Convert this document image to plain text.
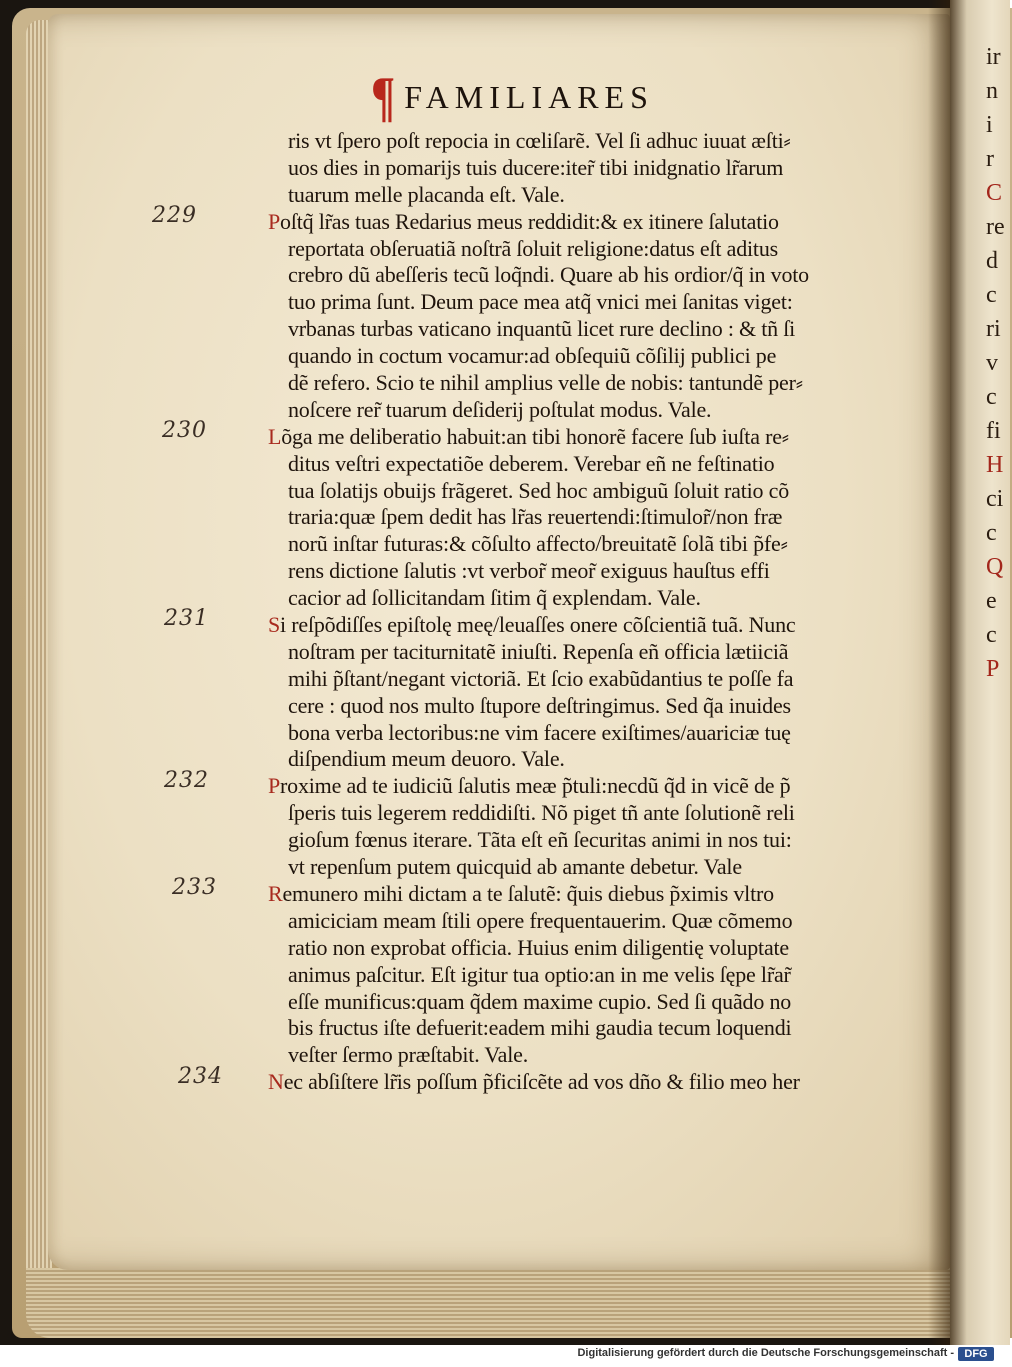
ir
n
i
r
C
re
d
c
ri
v
c
fi
H
ci
c
Q
e
c
P
¶ FAMILIARES
ris vt ſpero poſt repocia in cœliſarẽ. Vel ſi adhuc iuuat æſti⸗
uos dies in pomarijs tuis ducere:iter̃ tibi inidgnatio lr̃arum
tuarum melle placanda eſt. Vale.
Poſtq̃ lr̃as tuas Redarius meus reddidit:& ex itinere ſalutatio
reportata obſeruatiã noſtrã ſoluit religione:datus eſt aditus
crebro dũ abeſſeris tecũ loq̃ndi. Quare ab his ordior/q̃ in voto
tuo prima ſunt. Deum pace mea atq̃ vnici mei ſanitas viget:
vrbanas turbas vaticano inquantũ licet rure declino : & tñ ſi
quando in coctum vocamur:ad obſequiũ cõſilij publici pe
dẽ refero. Scio te nihil amplius velle de nobis: tantundẽ per⸗
noſcere rer̃ tuarum deſiderij poſtulat modus. Vale.
Lõga me deliberatio habuit:an tibi honorẽ facere ſub iuſta re⸗
ditus veſtri expectatiõe deberem. Verebar eñ ne feſtinatio
tua ſolatijs obuijs frãgeret. Sed hoc ambiguũ ſoluit ratio cõ
traria:quæ ſpem dedit has lr̃as reuertendi:ſtimulor̃/non fræ
norũ inſtar futuras:& cõſulto affecto/breuitatẽ ſolã tibi p̃fe⸗
rens dictione ſalutis :vt verbor̃ meor̃ exiguus hauſtus effi
cacior ad ſollicitandam ſitim q̃ explendam. Vale.
Si reſpõdiſſes epiſtolę meę/leuaſſes onere cõſcientiã tuã. Nunc
noſtram per taciturnitatẽ iniuſti. Repenſa eñ officia lætiiciã
mihi p̃ſtant/negant victoriã. Et ſcio exabũdantius te poſſe fa
cere : quod nos multo ſtupore deſtringimus. Sed q̃a inuides
bona verba lectoribus:ne vim facere exiſtimes/auariciæ tuę
diſpendium meum deuoro. Vale.
Proxime ad te iudiciũ ſalutis meæ p̃tuli:necdũ q̃d in vicẽ de p̃
ſperis tuis legerem reddidiſti. Nõ piget tñ ante ſolutionẽ reli
gioſum fœnus iterare. Tãta eſt eñ ſecuritas animi in nos tui:
vt repenſum putem quicquid ab amante debetur. Vale
Remunero mihi dictam a te ſalutẽ: q̃uis diebus p̃ximis vltro
amiciciam meam ſtili opere frequentauerim. Quæ cõmemo
ratio non exprobat officia. Huius enim diligentię voluptate
animus paſcitur. Eſt igitur tua optio:an in me velis ſępe lr̃ar̃
eſſe munificus:quam q̃dem maxime cupio. Sed ſi quãdo no
bis fructus iſte defuerit:eadem mihi gaudia tecum loquendi
veſter ſermo præſtabit. Vale.
Nec abſiſtere lr̃is poſſum p̃ficiſcẽte ad vos dño & filio meo her
229
230
231
232
233
234
Digitalisierung gefördert durch die Deutsche Forschungsgemeinschaft - DFG
